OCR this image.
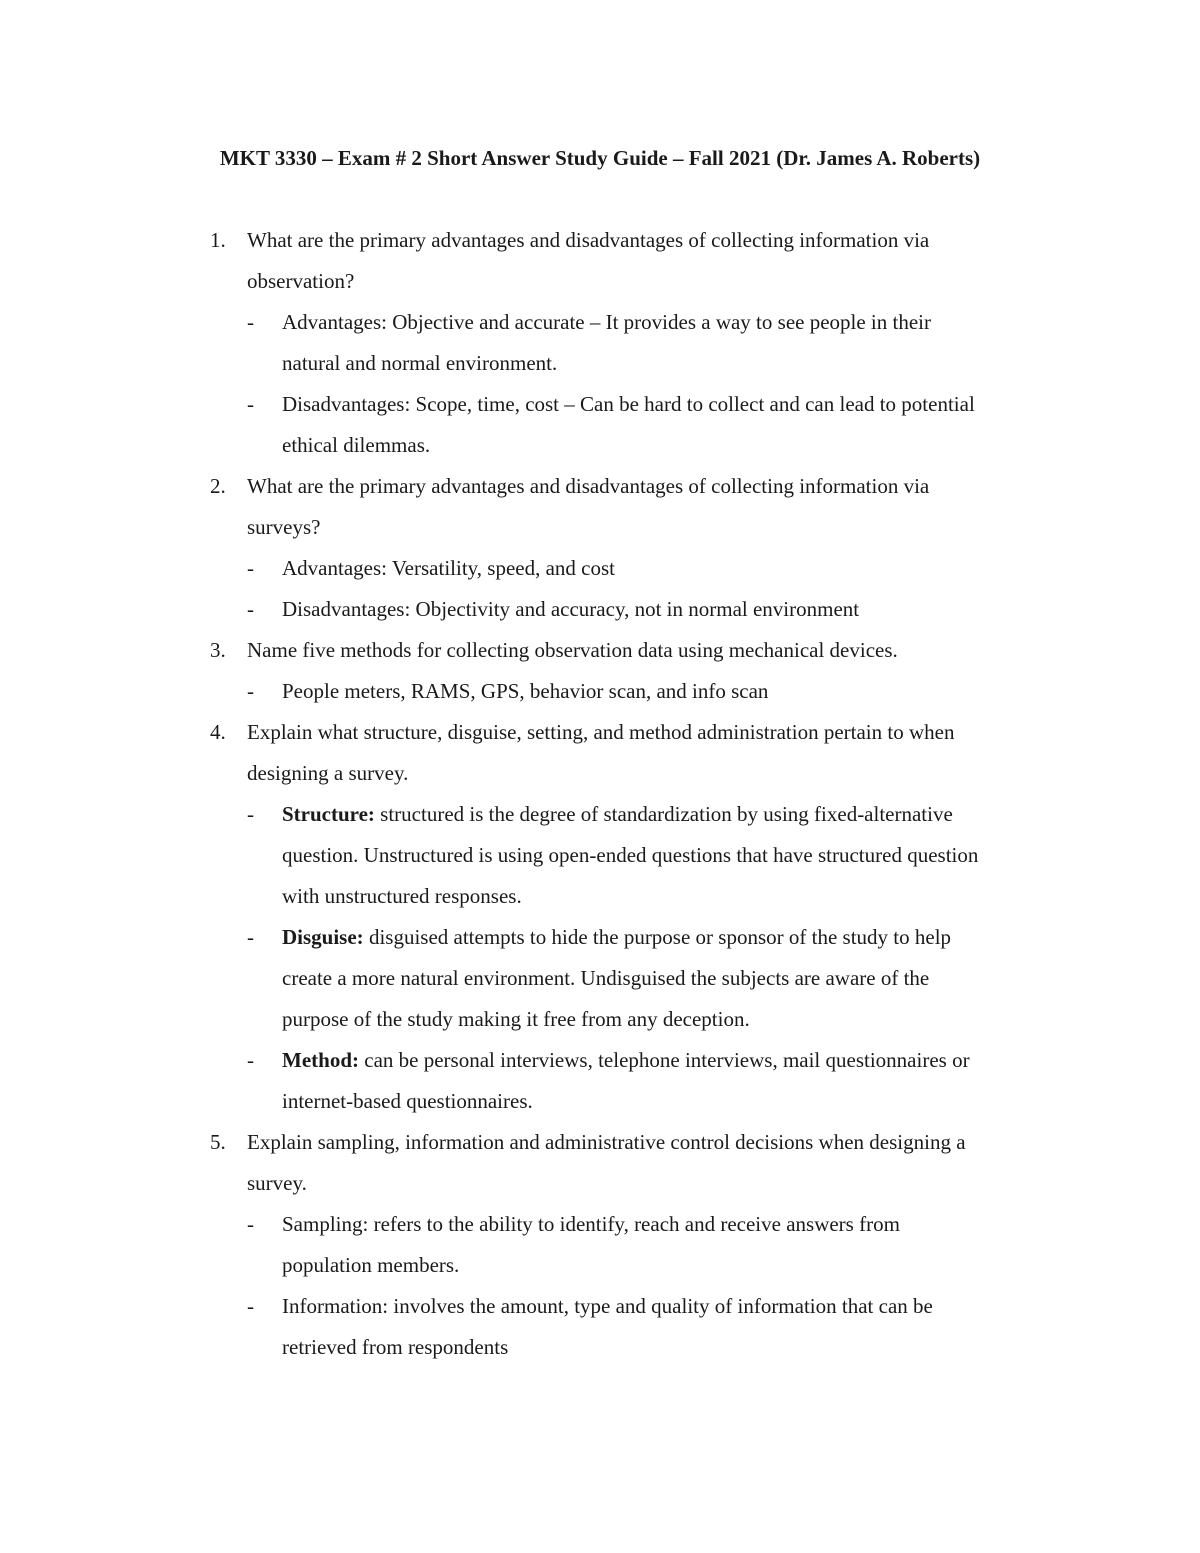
MKT 3330 – Exam # 2 Short Answer Study Guide – Fall 2021 (Dr. James A. Roberts)
1. What are the primary advantages and disadvantages of collecting information via observation?
- Advantages: Objective and accurate – It provides a way to see people in their natural and normal environment.
- Disadvantages: Scope, time, cost – Can be hard to collect and can lead to potential ethical dilemmas.
2. What are the primary advantages and disadvantages of collecting information via surveys?
- Advantages: Versatility, speed, and cost
- Disadvantages: Objectivity and accuracy, not in normal environment
3. Name five methods for collecting observation data using mechanical devices.
- People meters, RAMS, GPS, behavior scan, and info scan
4. Explain what structure, disguise, setting, and method administration pertain to when designing a survey.
- Structure: structured is the degree of standardization by using fixed-alternative question. Unstructured is using open-ended questions that have structured question with unstructured responses.
- Disguise: disguised attempts to hide the purpose or sponsor of the study to help create a more natural environment. Undisguised the subjects are aware of the purpose of the study making it free from any deception.
- Method: can be personal interviews, telephone interviews, mail questionnaires or internet-based questionnaires.
5. Explain sampling, information and administrative control decisions when designing a survey.
- Sampling: refers to the ability to identify, reach and receive answers from population members.
- Information: involves the amount, type and quality of information that can be retrieved from respondents
